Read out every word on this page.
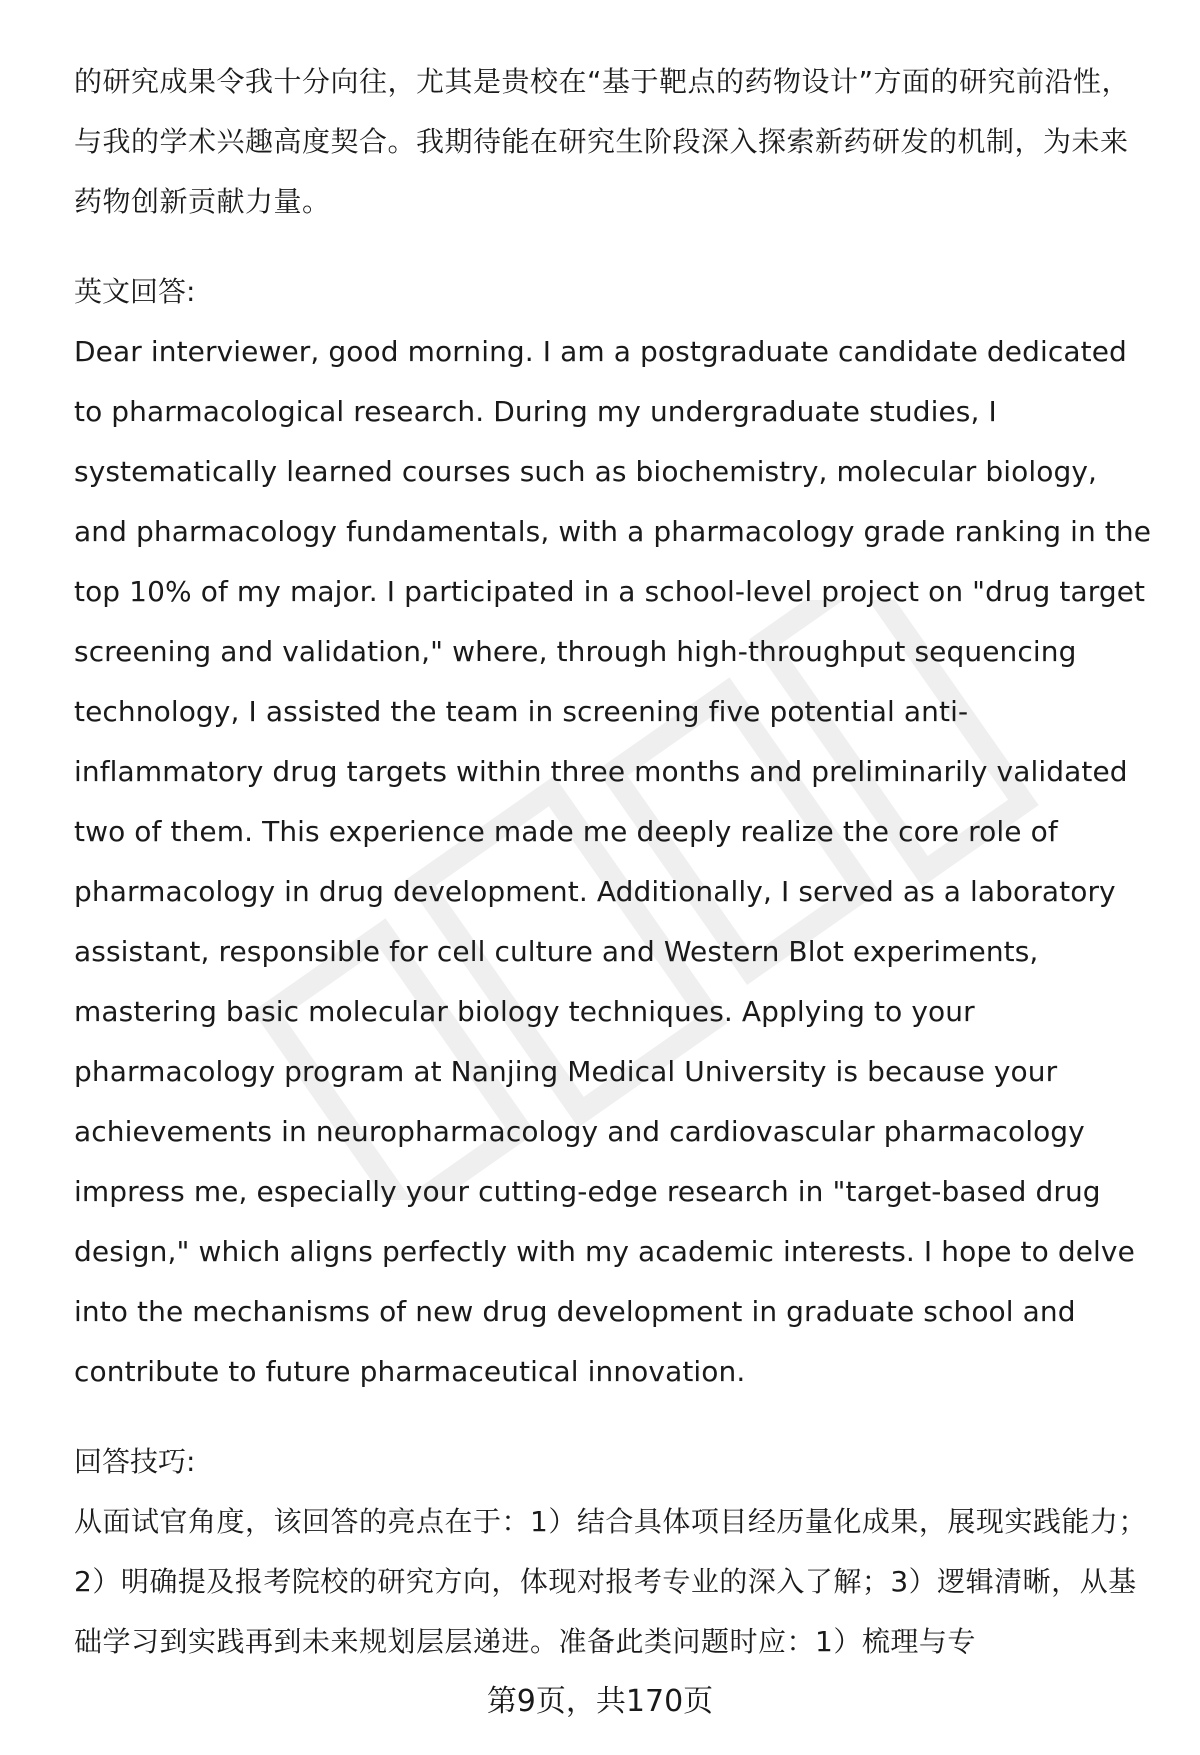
的研究成果令我十分向往，尤其是贵校在“基于靶点的药物设计”方面的研究前沿性，与我的学术兴趣高度契合。我期待能在研究生阶段深入探索新药研发的机制，为未来药物创新贡献力量。

英文回答:

Dear interviewer, good morning. I am a postgraduate candidate dedicated to pharmacological research. During my undergraduate studies, I systematically learned courses such as biochemistry, molecular biology, and pharmacology fundamentals, with a pharmacology grade ranking in the top 10% of my major. I participated in a school-level project on "drug target screening and validation," where, through high-throughput sequencing technology, I assisted the team in screening five potential anti-inflammatory drug targets within three months and preliminarily validated two of them. This experience made me deeply realize the core role of pharmacology in drug development. Additionally, I served as a laboratory assistant, responsible for cell culture and Western Blot experiments, mastering basic molecular biology techniques. Applying to your pharmacology program at Nanjing Medical University is because your achievements in neuropharmacology and cardiovascular pharmacology impress me, especially your cutting-edge research in "target-based drug design," which aligns perfectly with my academic interests. I hope to delve into the mechanisms of new drug development in graduate school and contribute to future pharmaceutical innovation.

回答技巧:

从面试官角度，该回答的亮点在于：1）结合具体项目经历量化成果，展现实践能力；2）明确提及报考院校的研究方向，体现对报考专业的深入了解；3）逻辑清晰，从基础学习到实践再到未来规划层层递进。准备此类问题时应：1）梳理与专

第9页，共170页
